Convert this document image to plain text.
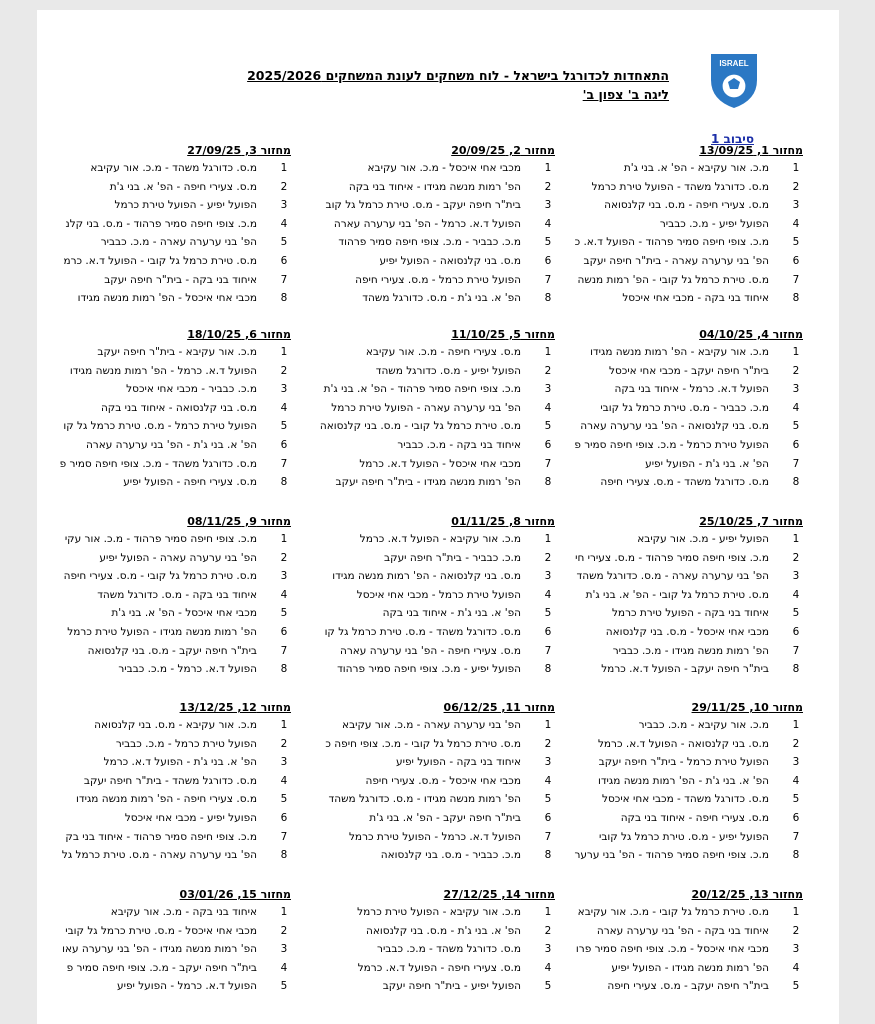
ISRAEL
התאחדות לכדורגל בישראל - לוח משחקים לעונת המשחקים 2025/2026
ליגה ב' צפון ב'
סיבוב 1
מחזור 1, 13/09/25
1
מ.כ. אור עקיבא - הפ' א. בני ג'ת
2
מ.ס. כדורגל משהד - הפועל טירת כרמל
3
מ.ס. צעירי חיפה - מ.ס. בני קלנסואה
4
הפועל יפיע - מ.כ. כבביר
5
מ.כ. צופי חיפה סמיר פרהוד - הפועל ד.א. כ
6
הפ' בני ערערה עארה - בית"ר חיפה יעקב
7
מ.ס. טירת כרמל גל קובי - הפ' רמות מנשה
8
איחוד בני בקה - מכבי אחי איכסל
מחזור 2, 20/09/25
1
מכבי אחי איכסל - מ.כ. אור עקיבא
2
הפ' רמות מנשה מגידו - איחוד בני בקה
3
בית"ר חיפה יעקב - מ.ס. טירת כרמל גל קוב
4
הפועל ד.א. כרמל - הפ' בני ערערה עארה
5
מ.כ. כבביר - מ.כ. צופי חיפה סמיר פרהוד
6
מ.ס. בני קלנסואה - הפועל יפיע
7
הפועל טירת כרמל - מ.ס. צעירי חיפה
8
הפ' א. בני ג'ת - מ.ס. כדורגל משהד
מחזור 3, 27/09/25
1
מ.ס. כדורגל משהד - מ.כ. אור עקיבא
2
מ.ס. צעירי חיפה - הפ' א. בני ג'ת
3
הפועל יפיע - הפועל טירת כרמל
4
מ.כ. צופי חיפה סמיר פרהוד - מ.ס. בני קלנ
5
הפ' בני ערערה עארה - מ.כ. כבביר
6
מ.ס. טירת כרמל גל קובי - הפועל ד.א. כרמ
7
איחוד בני בקה - בית"ר חיפה יעקב
8
מכבי אחי איכסל - הפ' רמות מנשה מגידו
מחזור 4, 04/10/25
1
מ.כ. אור עקיבא - הפ' רמות מנשה מגידו
2
בית"ר חיפה יעקב - מכבי אחי איכסל
3
הפועל ד.א. כרמל - איחוד בני בקה
4
מ.כ. כבביר - מ.ס. טירת כרמל גל קובי
5
מ.ס. בני קלנסואה - הפ' בני ערערה עארה
6
הפועל טירת כרמל - מ.כ. צופי חיפה סמיר פ
7
הפ' א. בני ג'ת - הפועל יפיע
8
מ.ס. כדורגל משהד - מ.ס. צעירי חיפה
מחזור 5, 11/10/25
1
מ.ס. צעירי חיפה - מ.כ. אור עקיבא
2
הפועל יפיע - מ.ס. כדורגל משהד
3
מ.כ. צופי חיפה סמיר פרהוד - הפ' א. בני ג'ת
4
הפ' בני ערערה עארה - הפועל טירת כרמל
5
מ.ס. טירת כרמל גל קובי - מ.ס. בני קלנסואה
6
איחוד בני בקה - מ.כ. כבביר
7
מכבי אחי איכסל - הפועל ד.א. כרמל
8
הפ' רמות מנשה מגידו - בית"ר חיפה יעקב
מחזור 6, 18/10/25
1
מ.כ. אור עקיבא - בית"ר חיפה יעקב
2
הפועל ד.א. כרמל - הפ' רמות מנשה מגידו
3
מ.כ. כבביר - מכבי אחי איכסל
4
מ.ס. בני קלנסואה - איחוד בני בקה
5
הפועל טירת כרמל - מ.ס. טירת כרמל גל קו
6
הפ' א. בני ג'ת - הפ' בני ערערה עארה
7
מ.ס. כדורגל משהד - מ.כ. צופי חיפה סמיר פ
8
מ.ס. צעירי חיפה - הפועל יפיע
מחזור 7, 25/10/25
1
הפועל יפיע - מ.כ. אור עקיבא
2
מ.כ. צופי חיפה סמיר פרהוד - מ.ס. צעירי חי
3
הפ' בני ערערה עארה - מ.ס. כדורגל משהד
4
מ.ס. טירת כרמל גל קובי - הפ' א. בני ג'ת
5
איחוד בני בקה - הפועל טירת כרמל
6
מכבי אחי איכסל - מ.ס. בני קלנסואה
7
הפ' רמות מנשה מגידו - מ.כ. כבביר
8
בית"ר חיפה יעקב - הפועל ד.א. כרמל
מחזור 8, 01/11/25
1
מ.כ. אור עקיבא - הפועל ד.א. כרמל
2
מ.כ. כבביר - בית"ר חיפה יעקב
3
מ.ס. בני קלנסואה - הפ' רמות מנשה מגידו
4
הפועל טירת כרמל - מכבי אחי איכסל
5
הפ' א. בני ג'ת - איחוד בני בקה
6
מ.ס. כדורגל משהד - מ.ס. טירת כרמל גל קו
7
מ.ס. צעירי חיפה - הפ' בני ערערה עארה
8
הפועל יפיע - מ.כ. צופי חיפה סמיר פרהוד
מחזור 9, 08/11/25
1
מ.כ. צופי חיפה סמיר פרהוד - מ.כ. אור עקי
2
הפ' בני ערערה עארה - הפועל יפיע
3
מ.ס. טירת כרמל גל קובי - מ.ס. צעירי חיפה
4
איחוד בני בקה - מ.ס. כדורגל משהד
5
מכבי אחי איכסל - הפ' א. בני ג'ת
6
הפ' רמות מנשה מגידו - הפועל טירת כרמל
7
בית"ר חיפה יעקב - מ.ס. בני קלנסואה
8
הפועל ד.א. כרמל - מ.כ. כבביר
מחזור 10, 29/11/25
1
מ.כ. אור עקיבא - מ.כ. כבביר
2
מ.ס. בני קלנסואה - הפועל ד.א. כרמל
3
הפועל טירת כרמל - בית"ר חיפה יעקב
4
הפ' א. בני ג'ת - הפ' רמות מנשה מגידו
5
מ.ס. כדורגל משהד - מכבי אחי איכסל
6
מ.ס. צעירי חיפה - איחוד בני בקה
7
הפועל יפיע - מ.ס. טירת כרמל גל קובי
8
מ.כ. צופי חיפה סמיר פרהוד - הפ' בני ערער
מחזור 11, 06/12/25
1
הפ' בני ערערה עארה - מ.כ. אור עקיבא
2
מ.ס. טירת כרמל גל קובי - מ.כ. צופי חיפה כ
3
איחוד בני בקה - הפועל יפיע
4
מכבי אחי איכסל - מ.ס. צעירי חיפה
5
הפ' רמות מנשה מגידו - מ.ס. כדורגל משהד
6
בית"ר חיפה יעקב - הפ' א. בני ג'ת
7
הפועל ד.א. כרמל - הפועל טירת כרמל
8
מ.כ. כבביר - מ.ס. בני קלנסואה
מחזור 12, 13/12/25
1
מ.כ. אור עקיבא - מ.ס. בני קלנסואה
2
הפועל טירת כרמל - מ.כ. כבביר
3
הפ' א. בני ג'ת - הפועל ד.א. כרמל
4
מ.ס. כדורגל משהד - בית"ר חיפה יעקב
5
מ.ס. צעירי חיפה - הפ' רמות מנשה מגידו
6
הפועל יפיע - מכבי אחי איכסל
7
מ.כ. צופי חיפה סמיר פרהוד - איחוד בני בק
8
הפ' בני ערערה עארה - מ.ס. טירת כרמל גל
מחזור 13, 20/12/25
1
מ.ס. טירת כרמל גל קובי - מ.כ. אור עקיבא
2
איחוד בני בקה - הפ' בני ערערה עארה
3
מכבי אחי איכסל - מ.כ. צופי חיפה סמיר פרו
4
הפ' רמות מנשה מגידו - הפועל יפיע
5
בית"ר חיפה יעקב - מ.ס. צעירי חיפה
מחזור 14, 27/12/25
1
מ.כ. אור עקיבא - הפועל טירת כרמל
2
הפ' א. בני ג'ת - מ.ס. בני קלנסואה
3
מ.ס. כדורגל משהד - מ.כ. כבביר
4
מ.ס. צעירי חיפה - הפועל ד.א. כרמל
5
הפועל יפיע - בית"ר חיפה יעקב
מחזור 15, 03/01/26
1
איחוד בני בקה - מ.כ. אור עקיבא
2
מכבי אחי איכסל - מ.ס. טירת כרמל גל קובי
3
הפ' רמות מנשה מגידו - הפ' בני ערערה עאו
4
בית"ר חיפה יעקב - מ.כ. צופי חיפה סמיר פ
5
הפועל ד.א. כרמל - הפועל יפיע
